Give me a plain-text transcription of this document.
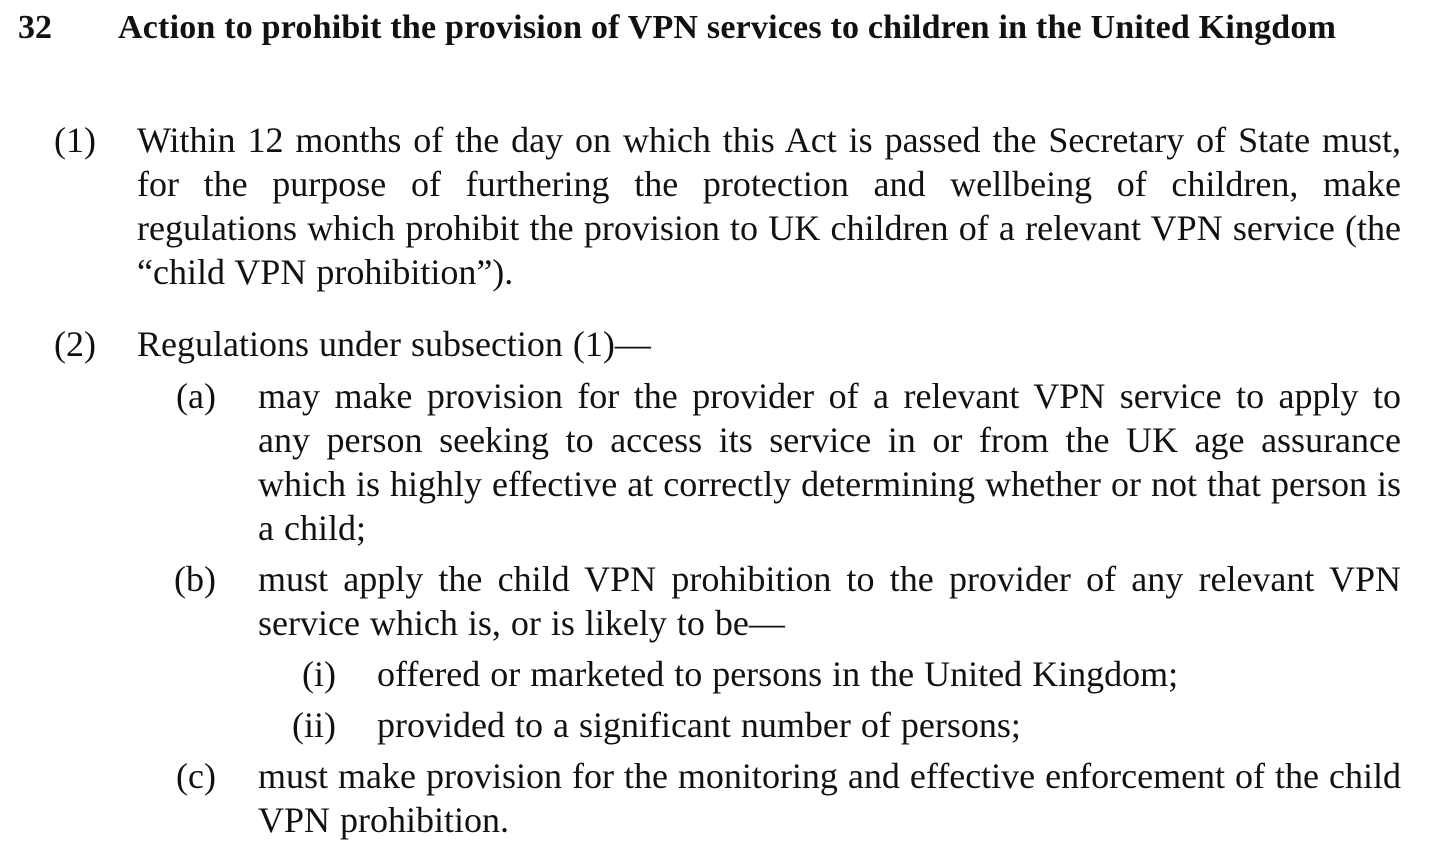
32 Action to prohibit the provision of VPN services to children in the United Kingdom
(1) Within 12 months of the day on which this Act is passed the Secretary of State must, for the purpose of furthering the protection and wellbeing of children, make regulations which prohibit the provision to UK children of a relevant VPN service (the “child VPN prohibition”).
(2) Regulations under subsection (1)—
(a) may make provision for the provider of a relevant VPN service to apply to any person seeking to access its service in or from the UK age assurance which is highly effective at correctly determining whether or not that person is a child;
(b) must apply the child VPN prohibition to the provider of any relevant VPN service which is, or is likely to be—
(i) offered or marketed to persons in the United Kingdom;
(ii) provided to a significant number of persons;
(c) must make provision for the monitoring and effective enforcement of the child VPN prohibition.
